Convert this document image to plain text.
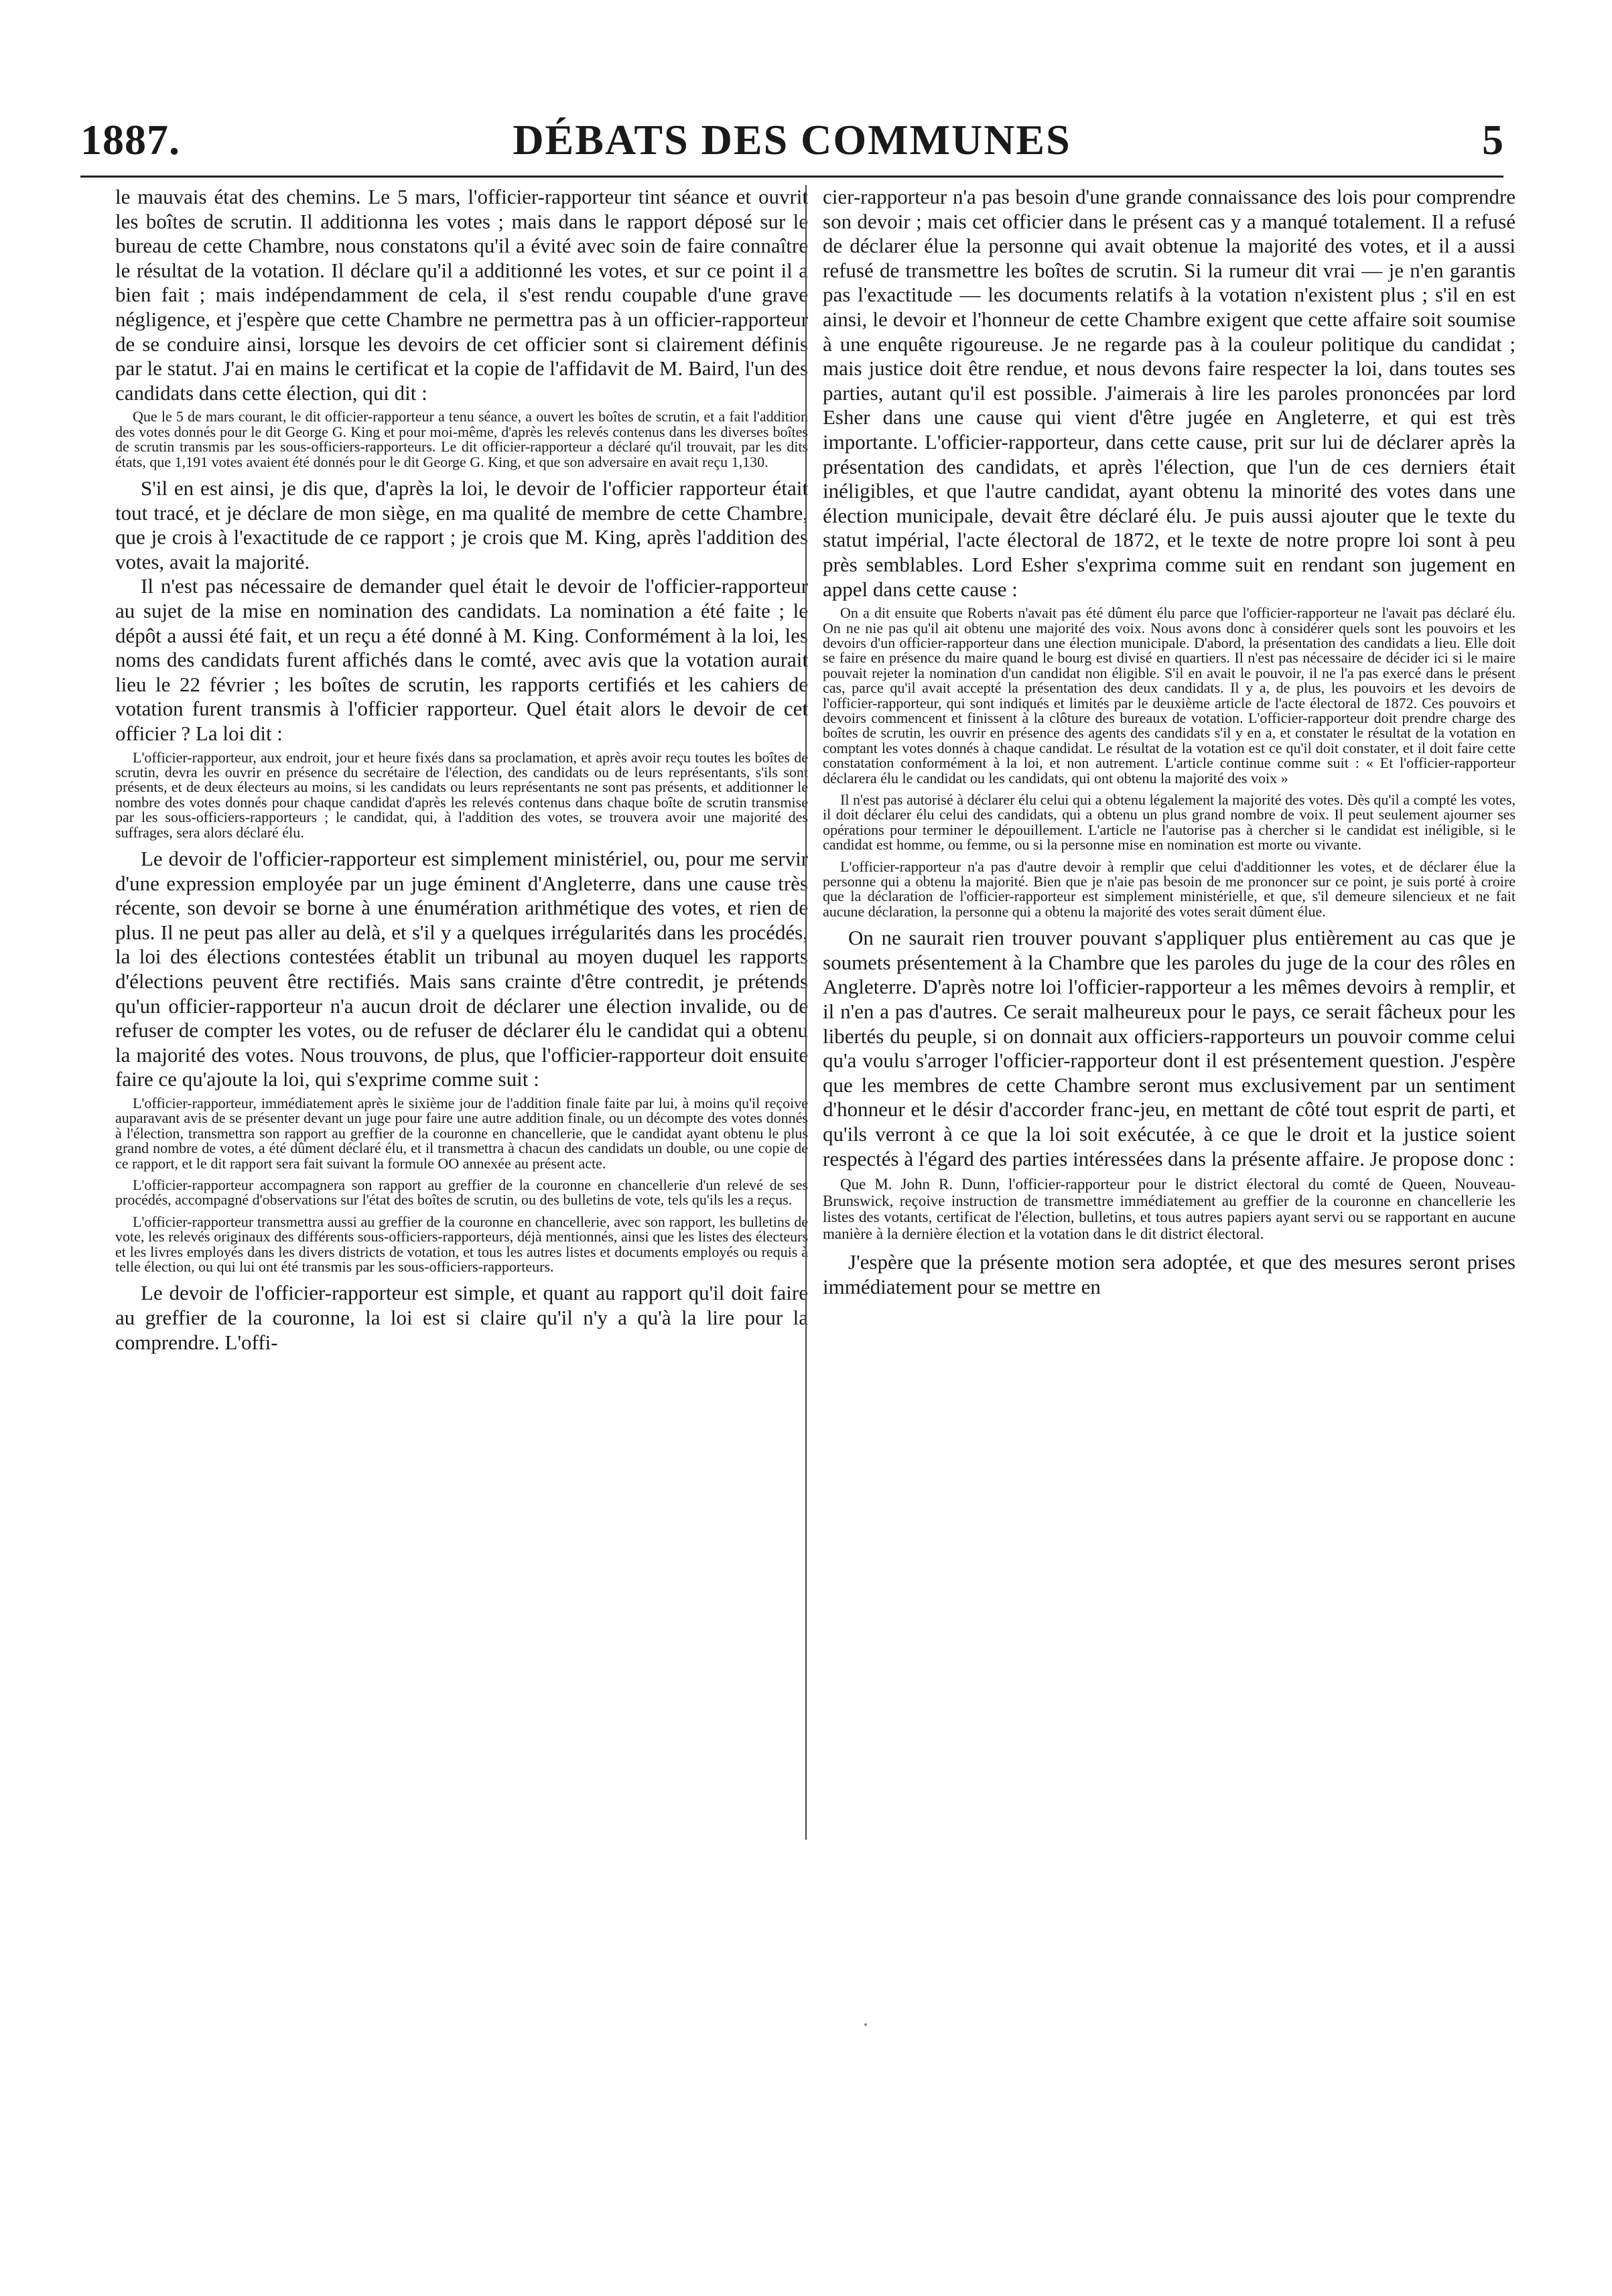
1887.	DÉBATS DES COMMUNES	5

le mauvais état des chemins. Le 5 mars, l'officier-rapporteur tint séance et ouvrit les boîtes de scrutin. Il additionna les votes ; mais dans le rapport déposé sur le bureau de cette Chambre, nous constatons qu'il a évité avec soin de faire connaître le résultat de la votation. Il déclare qu'il a additionné les votes, et sur ce point il a bien fait ; mais indépendamment de cela, il s'est rendu coupable d'une grave négligence, et j'espère que cette Chambre ne permettra pas à un officier-rapporteur de se conduire ainsi, lorsque les devoirs de cet officier sont si clairement définis par le statut. J'ai en mains le certificat et la copie de l'affidavit de M. Baird, l'un des candidats dans cette élection, qui dit :

Que le 5 de mars courant, le dit officier-rapporteur a tenu séance, a ouvert les boîtes de scrutin, et a fait l'addition des votes donnés pour le dit George G. King et pour moi-même, d'après les relevés contenus dans les diverses boîtes de scrutin transmis par les sous-officiers-rapporteurs. Le dit officier-rapporteur a déclaré qu'il trouvait, par les dits états, que 1,191 votes avaient été donnés pour le dit George G. King, et que son adversaire en avait reçu 1,130.

S'il en est ainsi, je dis que, d'après la loi, le devoir de l'officier rapporteur était tout tracé, et je déclare de mon siège, en ma qualité de membre de cette Chambre, que je crois à l'exactitude de ce rapport ; je crois que M. King, après l'addition des votes, avait la majorité.

Il n'est pas nécessaire de demander quel était le devoir de l'officier-rapporteur au sujet de la mise en nomination des candidats. La nomination a été faite ; le dépôt a aussi été fait, et un reçu a été donné à M. King. Conformément à la loi, les noms des candidats furent affichés dans le comté, avec avis que la votation aurait lieu le 22 février ; les boîtes de scrutin, les rapports certifiés et les cahiers de votation furent transmis à l'officier rapporteur. Quel était alors le devoir de cet officier ? La loi dit :

L'officier-rapporteur, aux endroit, jour et heure fixés dans sa proclamation, et après avoir reçu toutes les boîtes de scrutin, devra les ouvrir en présence du secrétaire de l'élection, des candidats ou de leurs représentants, s'ils sont présents, et de deux électeurs au moins, si les candidats ou leurs représentants ne sont pas présents, et additionner le nombre des votes donnés pour chaque candidat d'après les relevés contenus dans chaque boîte de scrutin transmise par les sous-officiers-rapporteurs ; le candidat, qui, à l'addition des votes, se trouvera avoir une majorité des suffrages, sera alors déclaré élu.

Le devoir de l'officier-rapporteur est simplement ministériel, ou, pour me servir d'une expression employée par un juge éminent d'Angleterre, dans une cause très récente, son devoir se borne à une énumération arithmétique des votes, et rien de plus. Il ne peut pas aller au delà, et s'il y a quelques irrégularités dans les procédés, la loi des élections contestées établit un tribunal au moyen duquel les rapports d'élections peuvent être rectifiés. Mais sans crainte d'être contredit, je prétends qu'un officier-rapporteur n'a aucun droit de déclarer une élection invalide, ou de refuser de compter les votes, ou de refuser de déclarer élu le candidat qui a obtenu la majorité des votes. Nous trouvons, de plus, que l'officier-rapporteur doit ensuite faire ce qu'ajoute la loi, qui s'exprime comme suit :

L'officier-rapporteur, immédiatement après le sixième jour de l'addition finale faite par lui, à moins qu'il reçoive auparavant avis de se présenter devant un juge pour faire une autre addition finale, ou un décompte des votes donnés à l'élection, transmettra son rapport au greffier de la couronne en chancellerie, que le candidat ayant obtenu le plus grand nombre de votes, a été dûment déclaré élu, et il transmettra à chacun des candidats un double, ou une copie de ce rapport, et le dit rapport sera fait suivant la formule OO annexée au présent acte.

L'officier-rapporteur accompagnera son rapport au greffier de la couronne en chancellerie d'un relevé de ses procédés, accompagné d'observations sur l'état des boîtes de scrutin, ou des bulletins de vote, tels qu'ils les a reçus.

L'officier-rapporteur transmettra aussi au greffier de la couronne en chancellerie, avec son rapport, les bulletins de vote, les relevés originaux des différents sous-officiers-rapporteurs, déjà mentionnés, ainsi que les listes des électeurs et les livres employés dans les divers districts de votation, et tous les autres listes et documents employés ou requis à telle élection, ou qui lui ont été transmis par les sous-officiers-rapporteurs.

Le devoir de l'officier-rapporteur est simple, et quant au rapport qu'il doit faire au greffier de la couronne, la loi est si claire qu'il n'y a qu'à la lire pour la comprendre. L'offi-

cier-rapporteur n'a pas besoin d'une grande connaissance des lois pour comprendre son devoir ; mais cet officier dans le présent cas y a manqué totalement. Il a refusé de déclarer élue la personne qui avait obtenue la majorité des votes, et il a aussi refusé de transmettre les boîtes de scrutin. Si la rumeur dit vrai — je n'en garantis pas l'exactitude — les documents relatifs à la votation n'existent plus ; s'il en est ainsi, le devoir et l'honneur de cette Chambre exigent que cette affaire soit soumise à une enquête rigoureuse. Je ne regarde pas à la couleur politique du candidat ; mais justice doit être rendue, et nous devons faire respecter la loi, dans toutes ses parties, autant qu'il est possible. J'aimerais à lire les paroles prononcées par lord Esher dans une cause qui vient d'être jugée en Angleterre, et qui est très importante. L'officier-rapporteur, dans cette cause, prit sur lui de déclarer après la présentation des candidats, et après l'élection, que l'un de ces derniers était inéligibles, et que l'autre candidat, ayant obtenu la minorité des votes dans une élection municipale, devait être déclaré élu. Je puis aussi ajouter que le texte du statut impérial, l'acte électoral de 1872, et le texte de notre propre loi sont à peu près semblables. Lord Esher s'exprima comme suit en rendant son jugement en appel dans cette cause :

On a dit ensuite que Roberts n'avait pas été dûment élu parce que l'officier-rapporteur ne l'avait pas déclaré élu. On ne nie pas qu'il ait obtenu une majorité des voix. Nous avons donc à considérer quels sont les pouvoirs et les devoirs d'un officier-rapporteur dans une élection municipale. D'abord, la présentation des candidats a lieu. Elle doit se faire en présence du maire quand le bourg est divisé en quartiers. Il n'est pas nécessaire de décider ici si le maire pouvait rejeter la nomination d'un candidat non éligible. S'il en avait le pouvoir, il ne l'a pas exercé dans le présent cas, parce qu'il avait accepté la présentation des deux candidats. Il y a, de plus, les pouvoirs et les devoirs de l'officier-rapporteur, qui sont indiqués et limités par le deuxième article de l'acte électoral de 1872. Ces pouvoirs et devoirs commencent et finissent à la clôture des bureaux de votation. L'officier-rapporteur doit prendre charge des boîtes de scrutin, les ouvrir en présence des agents des candidats s'il y en a, et constater le résultat de la votation en comptant les votes donnés à chaque candidat. Le résultat de la votation est ce qu'il doit constater, et il doit faire cette constatation conformément à la loi, et non autrement. L'article continue comme suit : « Et l'officier-rapporteur déclarera élu le candidat ou les candidats, qui ont obtenu la majorité des voix »

Il n'est pas autorisé à déclarer élu celui qui a obtenu légalement la majorité des votes. Dès qu'il a compté les votes, il doit déclarer élu celui des candidats, qui a obtenu un plus grand nombre de voix. Il peut seulement ajourner ses opérations pour terminer le dépouillement. L'article ne l'autorise pas à chercher si le candidat est inéligible, si le candidat est homme, ou femme, ou si la personne mise en nomination est morte ou vivante.

L'officier-rapporteur n'a pas d'autre devoir à remplir que celui d'additionner les votes, et de déclarer élue la personne qui a obtenu la majorité. Bien que je n'aie pas besoin de me prononcer sur ce point, je suis porté à croire que la déclaration de l'officier-rapporteur est simplement ministérielle, et que, s'il demeure silencieux et ne fait aucune déclaration, la personne qui a obtenu la majorité des votes serait dûment élue.

On ne saurait rien trouver pouvant s'appliquer plus entièrement au cas que je soumets présentement à la Chambre que les paroles du juge de la cour des rôles en Angleterre. D'après notre loi l'officier-rapporteur a les mêmes devoirs à remplir, et il n'en a pas d'autres. Ce serait malheureux pour le pays, ce serait fâcheux pour les libertés du peuple, si on donnait aux officiers-rapporteurs un pouvoir comme celui qu'a voulu s'arroger l'officier-rapporteur dont il est présentement question. J'espère que les membres de cette Chambre seront mus exclusivement par un sentiment d'honneur et le désir d'accorder franc-jeu, en mettant de côté tout esprit de parti, et qu'ils verront à ce que la loi soit exécutée, à ce que le droit et la justice soient respectés à l'égard des parties intéressées dans la présente affaire. Je propose donc :

Que M. John R. Dunn, l'officier-rapporteur pour le district électoral du comté de Queen, Nouveau-Brunswick, reçoive instruction de transmettre immédiatement au greffier de la couronne en chancellerie les listes des votants, certificat de l'élection, bulletins, et tous autres papiers ayant servi ou se rapportant en aucune manière à la dernière élection et la votation dans le dit district électoral.

J'espère que la présente motion sera adoptée, et que des mesures seront prises immédiatement pour se mettre en
